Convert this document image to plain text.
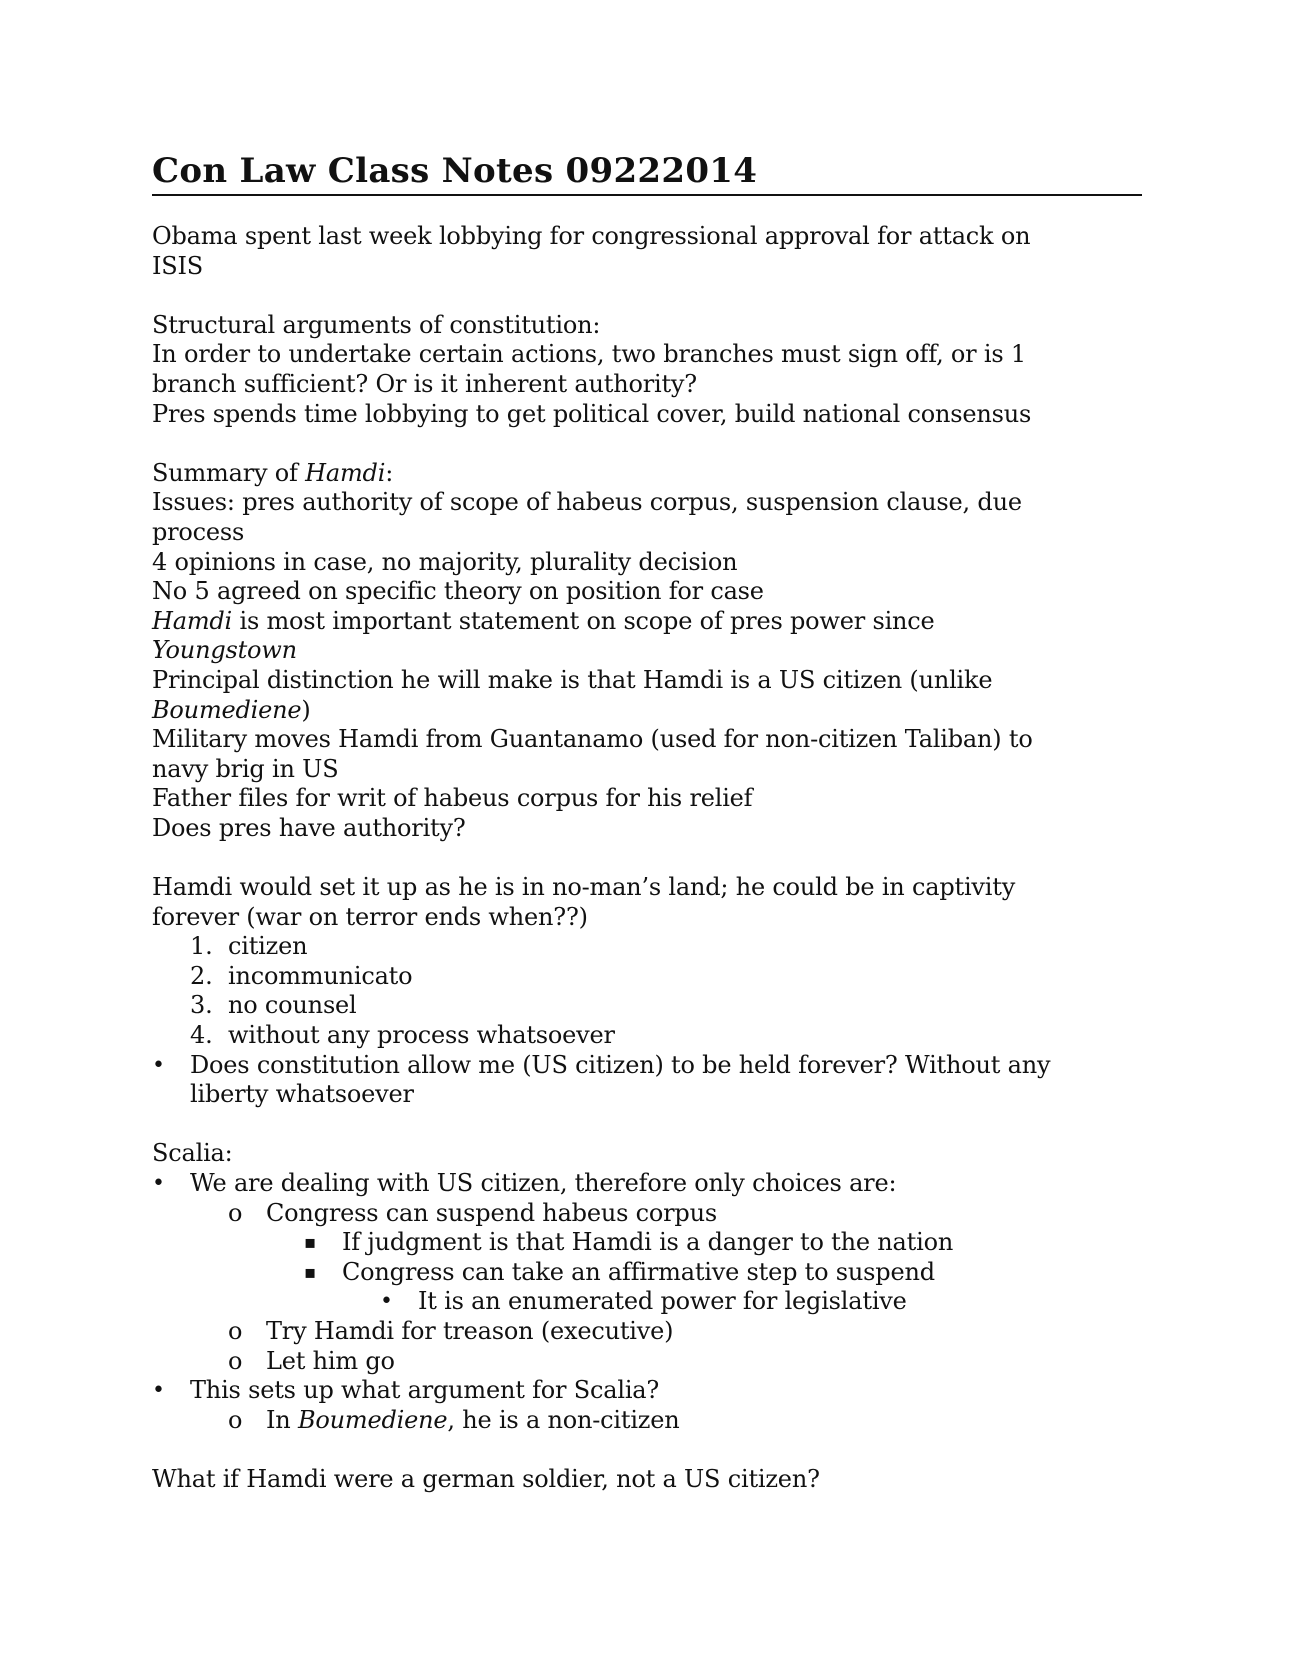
Con Law Class Notes 09222014

Obama spent last week lobbying for congressional approval for attack on
ISIS

Structural arguments of constitution:
In order to undertake certain actions, two branches must sign off, or is 1
branch sufficient? Or is it inherent authority?
Pres spends time lobbying to get political cover, build national consensus

Summary of Hamdi:
Issues: pres authority of scope of habeus corpus, suspension clause, due
process
4 opinions in case, no majority, plurality decision
No 5 agreed on specific theory on position for case
Hamdi is most important statement on scope of pres power since
Youngstown
Principal distinction he will make is that Hamdi is a US citizen (unlike
Boumediene)
Military moves Hamdi from Guantanamo (used for non-citizen Taliban) to
navy brig in US
Father files for writ of habeus corpus for his relief
Does pres have authority?

Hamdi would set it up as he is in no-man’s land; he could be in captivity
forever (war on terror ends when??)
1. citizen
2. incommunicato
3. no counsel
4. without any process whatsoever
• Does constitution allow me (US citizen) to be held forever? Without any
liberty whatsoever
Scalia:
• We are dealing with US citizen, therefore only choices are:
o Congress can suspend habeus corpus
▪ If judgment is that Hamdi is a danger to the nation
▪ Congress can take an affirmative step to suspend
• It is an enumerated power for legislative
o Try Hamdi for treason (executive)
o Let him go
• This sets up what argument for Scalia?
o In Boumediene, he is a non-citizen

What if Hamdi were a german soldier, not a US citizen?
